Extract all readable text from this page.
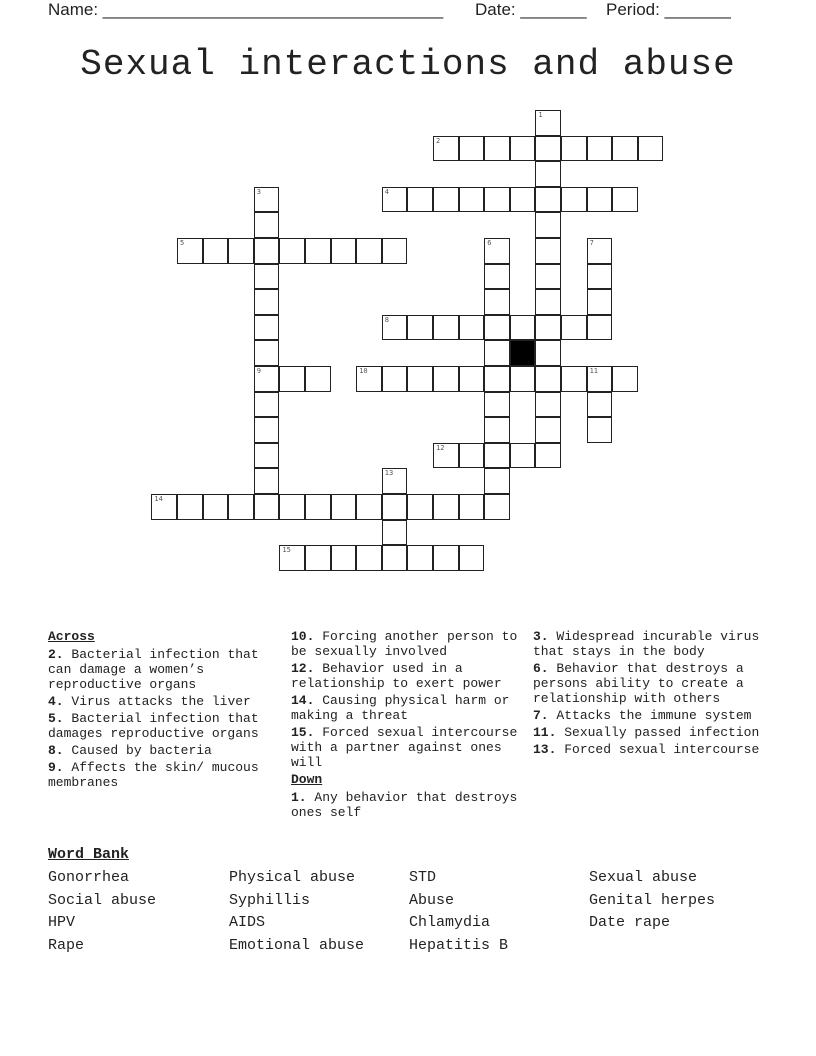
Name: ____________________________________ Date: _______ Period: _______
Sexual interactions and abuse
1
2
3
9
4
5	6	7
8
10	11
12
13
14
15
Across
2. Bacterial infection that can damage a women’s reproductive organs
4. Virus attacks the liver
5. Bacterial infection that damages reproductive organs
8. Caused by bacteria
9. Affects the skin/ mucous membranes
10. Forcing another person to be sexually involved
12. Behavior used in a relationship to exert power
14. Causing physical harm or making a threat
15. Forced sexual intercourse with a partner against ones will
Down
1. Any behavior that destroys ones self
3. Widespread incurable virus that stays in the body
6. Behavior that destroys a persons ability to create a relationship with others
7. Attacks the immune system
11. Sexually passed infection
13. Forced sexual intercourse
Word Bank
Gonorrhea	Physical abuse	STD	Sexual abuse
Social abuse	Syphillis	Abuse	Genital herpes
HPV	AIDS	Chlamydia	Date rape
Rape	Emotional abuse	Hepatitis B
